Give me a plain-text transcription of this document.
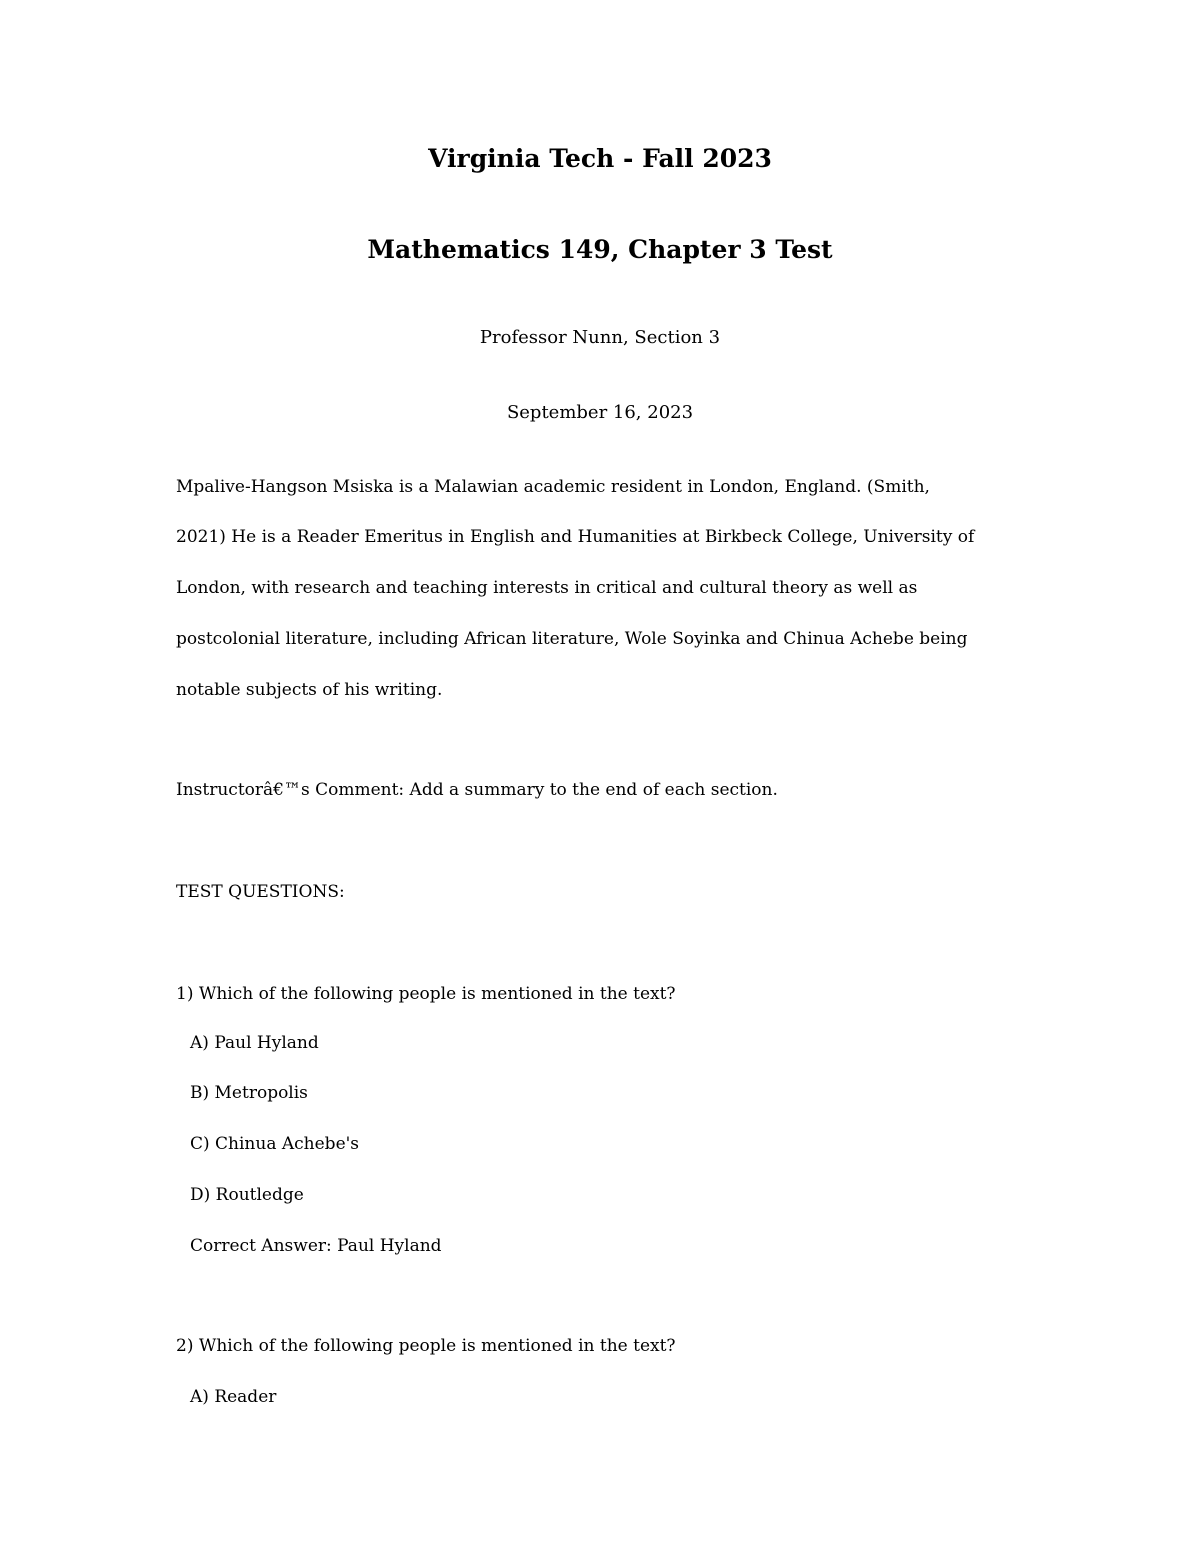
Virginia Tech - Fall 2023
Mathematics 149, Chapter 3 Test
Professor Nunn, Section 3
September 16, 2023
Mpalive-Hangson Msiska is a Malawian academic resident in London, England. (Smith,
2021) He is a Reader Emeritus in English and Humanities at Birkbeck College, University of
London, with research and teaching interests in critical and cultural theory as well as
postcolonial literature, including African literature, Wole Soyinka and Chinua Achebe being
notable subjects of his writing.
Instructorâ€™s Comment: Add a summary to the end of each section.
TEST QUESTIONS:
1) Which of the following people is mentioned in the text?
A) Paul Hyland
B) Metropolis
C) Chinua Achebe's
D) Routledge
Correct Answer: Paul Hyland
2) Which of the following people is mentioned in the text?
A) Reader
